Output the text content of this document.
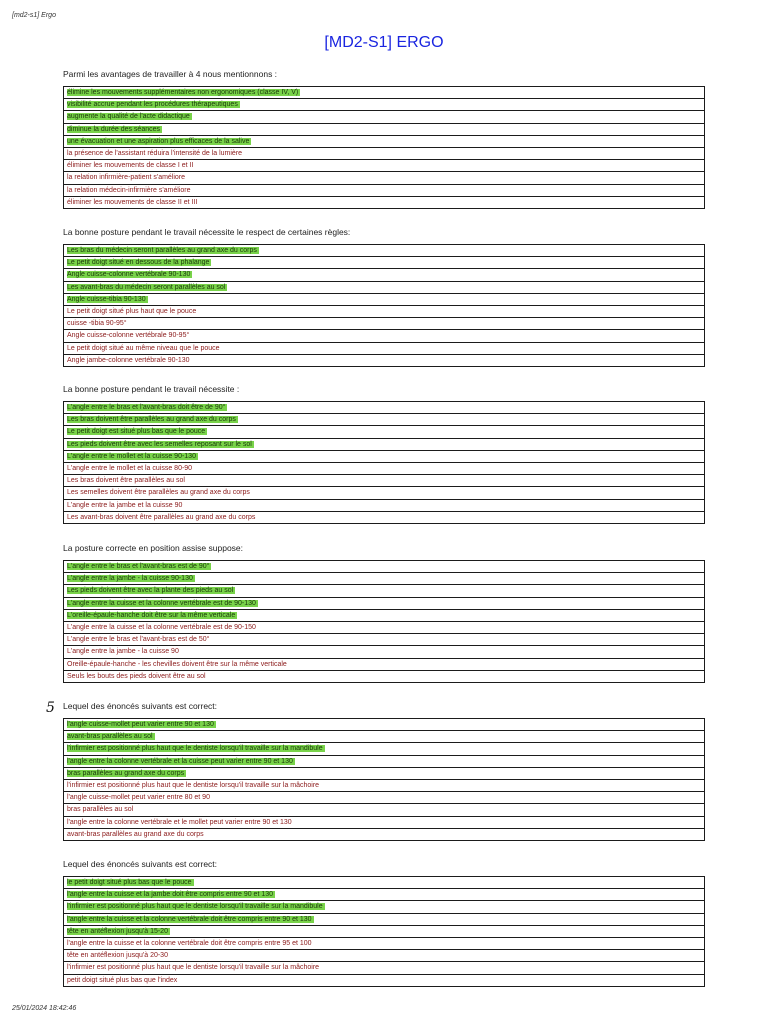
[md2-s1] Ergo
[MD2-S1] ERGO
5
Parmi les avantages de travailler à 4 nous mentionnons :
élimine les mouvements supplémentaires non ergonomiques (classe IV, V)
visibilité accrue pendant les procédures thérapeutiques
augmente la qualité de l'acte didactique
diminue la durée des séances
une évacuation et une aspiration plus efficaces de la salive
la présence de l'assistant réduira l'intensité de la lumière
éliminer les mouvements de classe I et II
la relation infirmière-patient s'améliore
la relation médecin-infirmière s'améliore
éliminer les mouvements de classe II et III
La bonne posture pendant le travail nécessite le respect de certaines règles:
Les bras du médecin seront parallèles au grand axe du corps
Le petit doigt situé en dessous de la phalange
Angle cuisse-colonne vertébrale 90-130
Les avant-bras du médecin seront parallèles au sol
Angle cuisse-tibia 90-130
Le petit doigt situé plus haut que le pouce
cuisse -tibia 90-95°
Angle cuisse-colonne vertébrale 90-95°
Le petit doigt situé au même niveau que le pouce
Angle jambe-colonne vertébrale 90-130
La bonne posture pendant le travail nécessite :
L'angle entre le bras et l'avant-bras doit être de 90°
Les bras doivent être parallèles au grand axe du corps
Le petit doigt est situé plus bas que le pouce
Les pieds doivent être avec les semelles reposant sur le sol
L'angle entre le mollet et la cuisse 90-130
L'angle entre le mollet et la cuisse 80-90
Les bras doivent être parallèles au sol
Les semelles doivent être parallèles au grand axe du corps
L'angle entre la jambe et la cuisse 90
Les avant-bras doivent être parallèles au grand axe du corps
La posture correcte en position assise suppose:
L'angle entre le bras et l'avant-bras est de 90°
L'angle entre la jambe - la cuisse 90-130
Les pieds doivent être avec la plante des pieds au sol
L'angle entre la cuisse et la colonne vertébrale est de 90-130
L'oreille-épaule-hanche doit être sur la même verticale
L'angle entre la cuisse et la colonne vertébrale est de 90-150
L'angle entre le bras et l'avant-bras est de 50°
L'angle entre la jambe - la cuisse 90
Oreille-épaule-hanche - les chevilles doivent être sur la même verticale
Seuls les bouts des pieds doivent être au sol
Lequel des énoncés suivants est correct:
l'angle cuisse-mollet peut varier entre 90 et 130
avant-bras parallèles au sol
l'infirmier est positionné plus haut que le dentiste lorsqu'il travaille sur la mandibule
l'angle entre la colonne vertébrale et la cuisse peut varier entre 90 et 130
bras parallèles au grand axe du corps
l'infirmier est positionné plus haut que le dentiste lorsqu'il travaille sur la mâchoire
l'angle cuisse-mollet peut varier entre 80 et 90
bras parallèles au sol
l'angle entre la colonne vertébrale et le mollet peut varier entre 90 et 130
avant-bras parallèles au grand axe du corps
Lequel des énoncés suivants est correct:
le petit doigt situé plus bas que le pouce
l'angle entre la cuisse et la jambe doit être compris entre 90 et 130
l'infirmier est positionné plus haut que le dentiste lorsqu'il travaille sur la mandibule
l'angle entre la cuisse et la colonne vertébrale doit être compris entre 90 et 130
tête en antéflexion jusqu'à 15-20
l'angle entre la cuisse et la colonne vertébrale doit être compris entre 95 et 100
tête en antéflexion jusqu'à 20-30
l'infirmier est positionné plus haut que le dentiste lorsqu'il travaille sur la mâchoire
petit doigt situé plus bas que l'index
25/01/2024 18:42:46
